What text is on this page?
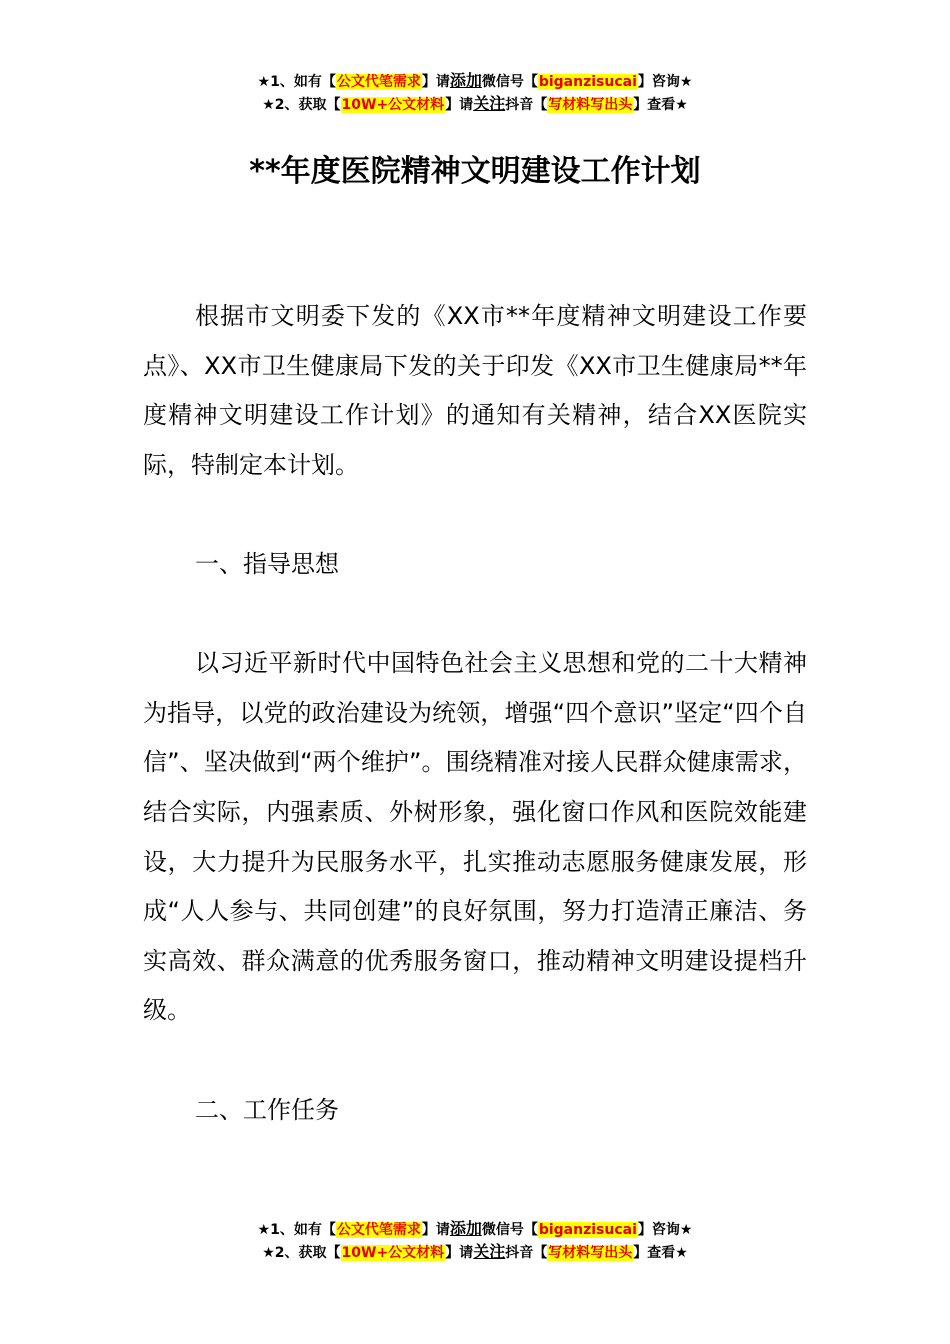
★1、如有【公文代笔需求】请添加微信号【biganzisucai】咨询★
★2、获取【10W+公文材料】请关注抖音【写材料写出头】查看★
**年度医院精神文明建设工作计划

根据市文明委下发的《XX市**年度精神文明建设工作要点》、XX市卫生健康局下发的关于印发《XX市卫生健康局**年度精神文明建设工作计划》的通知有关精神，结合XX医院实际，特制定本计划。

一、指导思想

以习近平新时代中国特色社会主义思想和党的二十大精神为指导，以党的政治建设为统领，增强“四个意识”坚定“四个自信”、坚决做到“两个维护”。围绕精准对接人民群众健康需求，结合实际，内强素质、外树形象，强化窗口作风和医院效能建设，大力提升为民服务水平，扎实推动志愿服务健康发展，形成“人人参与、共同创建”的良好氛围，努力打造清正廉洁、务实高效、群众满意的优秀服务窗口，推动精神文明建设提档升级。

二、工作任务

★1、如有【公文代笔需求】请添加微信号【biganzisucai】咨询★
★2、获取【10W+公文材料】请关注抖音【写材料写出头】查看★
